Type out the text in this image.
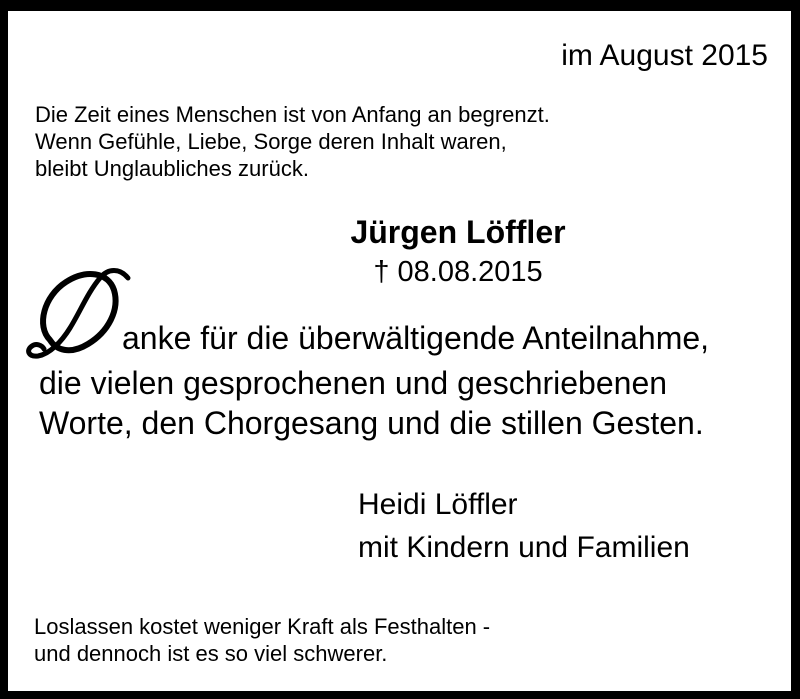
im August 2015
Die Zeit eines Menschen ist von Anfang an begrenzt.
Wenn Gefühle, Liebe, Sorge deren Inhalt waren,
bleibt Unglaubliches zurück.
Jürgen Löffler
† 08.08.2015
anke für die überwältigende Anteilnahme,
die vielen gesprochenen und geschriebenen
Worte, den Chorgesang und die stillen Gesten.
Heidi Löffler
mit Kindern und Familien
Loslassen kostet weniger Kraft als Festhalten -
und dennoch ist es so viel schwerer.
